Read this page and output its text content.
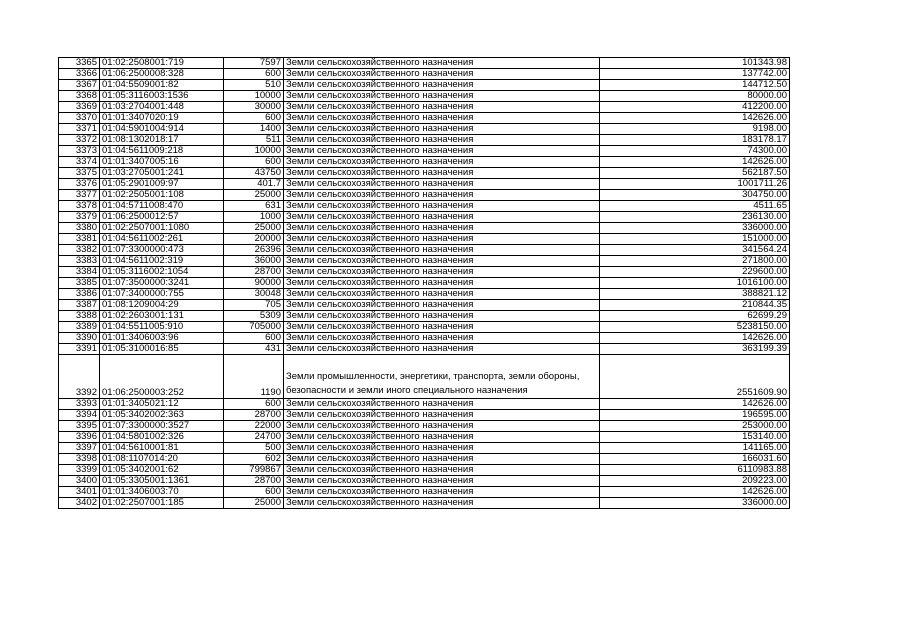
3365	01:02:2508001:719	7597	Земли сельскохозяйственного назначения	101343.98
3366	01:06:2500008:328	600	Земли сельскохозяйственного назначения	137742.00
3367	01:04:5509001:82	510	Земли сельскохозяйственного назначения	144712.50
3368	01:05:3116003:1536	10000	Земли сельскохозяйственного назначения	80000.00
3369	01:03:2704001:448	30000	Земли сельскохозяйственного назначения	412200.00
3370	01:01:3407020:19	600	Земли сельскохозяйственного назначения	142626.00
3371	01:04:5901004:914	1400	Земли сельскохозяйственного назначения	9198.00
3372	01:08:1302018:17	511	Земли сельскохозяйственного назначения	183178.17
3373	01:04:5611009:218	10000	Земли сельскохозяйственного назначения	74300.00
3374	01:01:3407005:16	600	Земли сельскохозяйственного назначения	142626.00
3375	01:03:2705001:241	43750	Земли сельскохозяйственного назначения	562187.50
3376	01:05:2901009:97	401.7	Земли сельскохозяйственного назначения	1001711.26
3377	01:02:2505001:108	25000	Земли сельскохозяйственного назначения	304750.00
3378	01:04:5711008:470	631	Земли сельскохозяйственного назначения	4511.65
3379	01:06:2500012:57	1000	Земли сельскохозяйственного назначения	236130.00
3380	01:02:2507001:1080	25000	Земли сельскохозяйственного назначения	336000.00
3381	01:04:5611002:261	20000	Земли сельскохозяйственного назначения	151000.00
3382	01:07:3300000:473	26396	Земли сельскохозяйственного назначения	341564.24
3383	01:04:5611002:319	36000	Земли сельскохозяйственного назначения	271800.00
3384	01:05:3116002:1054	28700	Земли сельскохозяйственного назначения	229600.00
3385	01:07:3500000:3241	90000	Земли сельскохозяйственного назначения	1016100.00
3386	01:07:3400000:755	30048	Земли сельскохозяйственного назначения	388821.12
3387	01:08:1209004:29	705	Земли сельскохозяйственного назначения	210844.35
3388	01:02:2603001:131	5309	Земли сельскохозяйственного назначения	62699.29
3389	01:04:5511005:910	705000	Земли сельскохозяйственного назначения	5238150.00
3390	01:01:3406003:96	600	Земли сельскохозяйственного назначения	142626.00
3391	01:05:3100016:85	431	Земли сельскохозяйственного назначения	363199.39
3392	01:06:2500003:252	1190	Земли промышленности, энергетики, транспорта, земли обороны, безопасности и земли иного специального назначения	2551609.90
3393	01:01:3405021:12	600	Земли сельскохозяйственного назначения	142626.00
3394	01:05:3402002:363	28700	Земли сельскохозяйственного назначения	196595.00
3395	01:07:3300000:3527	22000	Земли сельскохозяйственного назначения	253000.00
3396	01:04:5801002:326	24700	Земли сельскохозяйственного назначения	153140.00
3397	01:04:5610001:81	500	Земли сельскохозяйственного назначения	141165.00
3398	01:08:1107014:20	602	Земли сельскохозяйственного назначения	166031.60
3399	01:05:3402001:62	799867	Земли сельскохозяйственного назначения	6110983.88
3400	01:05:3305001:1361	28700	Земли сельскохозяйственного назначения	209223.00
3401	01:01:3406003:70	600	Земли сельскохозяйственного назначения	142626.00
3402	01:02:2507001:185	25000	Земли сельскохозяйственного назначения	336000.00
